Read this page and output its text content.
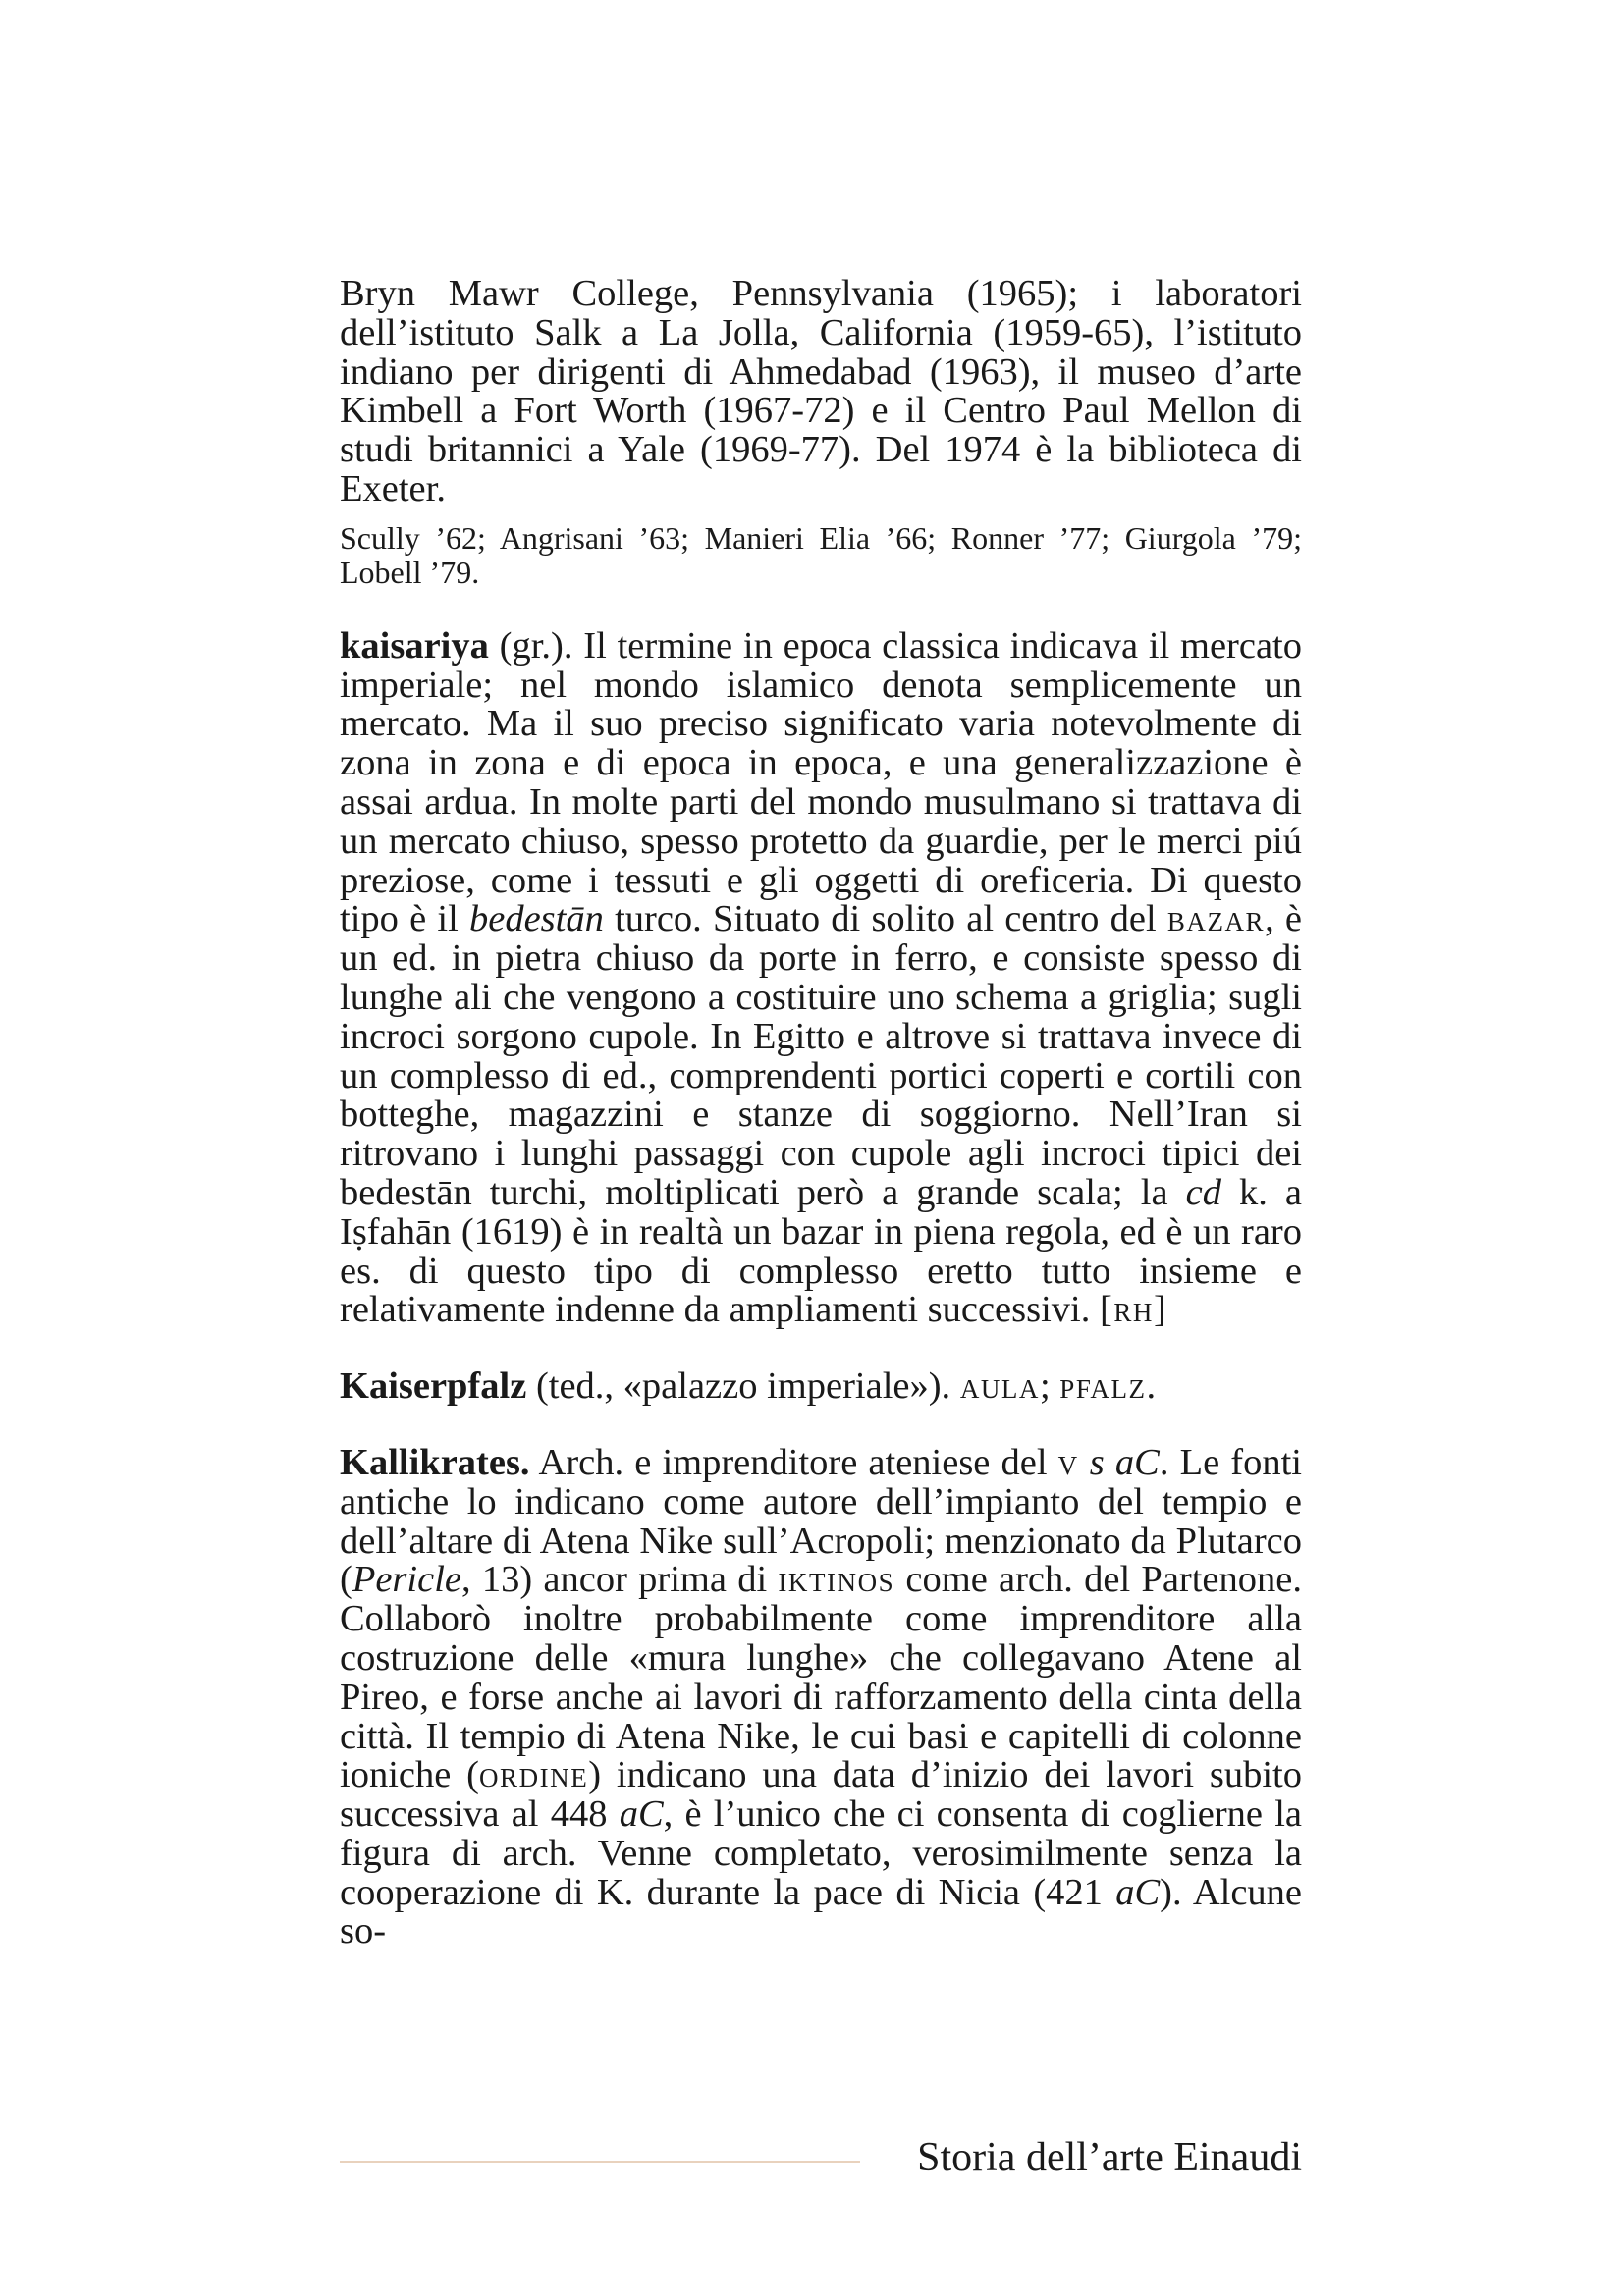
Bryn Mawr College, Pennsylvania (1965); i laboratori dell’istituto Salk a La Jolla, California (1959-65), l’istituto indiano per dirigenti di Ahmedabad (1963), il museo d’arte Kimbell a Fort Worth (1967-72) e il Centro Paul Mellon di studi britannici a Yale (1969-77). Del 1974 è la biblioteca di Exeter.

Scully ’62; Angrisani ’63; Manieri Elia ’66; Ronner ’77; Giurgola ’79; Lobell ’79.

kaisariya (gr.). Il termine in epoca classica indicava il mercato imperiale; nel mondo islamico denota semplicemente un mercato. Ma il suo preciso significato varia notevolmente di zona in zona e di epoca in epoca, e una generalizzazione è assai ardua. In molte parti del mondo musulmano si trattava di un mercato chiuso, spesso protetto da guardie, per le merci piú preziose, come i tessuti e gli oggetti di oreficeria. Di questo tipo è il bedestān turco. Situato di solito al centro del bazar, è un ed. in pietra chiuso da porte in ferro, e consiste spesso di lunghe ali che vengono a costituire uno schema a griglia; sugli incroci sorgono cupole. In Egitto e altrove si trattava invece di un complesso di ed., comprendenti portici coperti e cortili con botteghe, magazzini e stanze di soggiorno. Nell’Iran si ritrovano i lunghi passaggi con cupole agli incroci tipici dei bedestān turchi, moltiplicati però a grande scala; la cd k. a Iṣfahān (1619) è in realtà un bazar in piena regola, ed è un raro es. di questo tipo di complesso eretto tutto insieme e relativamente indenne da ampliamenti successivi. [rh]

Kaiserpfalz (ted., «palazzo imperiale»). aula; pfalz.

Kallikrates. Arch. e imprenditore ateniese del v s aC. Le fonti antiche lo indicano come autore dell’impianto del tempio e dell’altare di Atena Nike sull’Acropoli; menzionato da Plutarco (Pericle, 13) ancor prima di iktinos come arch. del Partenone. Collaborò inoltre probabilmente come imprenditore alla costruzione delle «mura lunghe» che collegavano Atene al Pireo, e forse anche ai lavori di rafforzamento della cinta della città. Il tempio di Atena Nike, le cui basi e capitelli di colonne ioniche (ordine) indicano una data d’inizio dei lavori subito successiva al 448 aC, è l’unico che ci consenta di coglierne la figura di arch. Venne completato, verosimilmente senza la cooperazione di K. durante la pace di Nicia (421 aC). Alcune so-

Storia dell’arte Einaudi
